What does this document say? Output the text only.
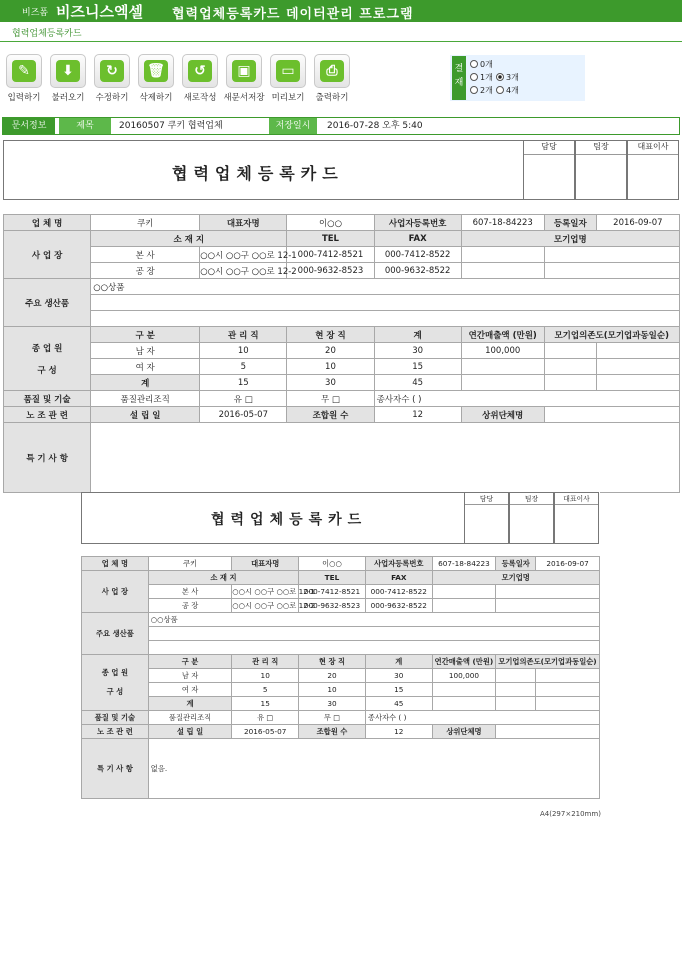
비즈폼 비즈니스엑셀 협력업체등록카드 데이터관리 프로그램
협력업체등록카드
✎
입력하기
⬇
불러오기
↻
수정하기
🗑
삭제하기
↺
새로작성
▣
새문서저장
▭
미리보기
⎙
출력하기
결재
0개
1개	3개
2개	4개
문서정보	제목	20160507 쿠키 협력업체	저장일시	2016-07-28 오후 5:40
협력업체등록카드
담당	팀장	대표이사
업 체 명	쿠키	대표자명	이○○	사업자등록번호	607-18-84223	등록일자	2016-09-07
사 업 장	소 재 지		TEL	FAX	모기업명		
	본 사	○○시 ○○구 ○○로 12-1	000-7412-8521	000-7412-8522			
	공 장	○○시 ○○구 ○○로 12-2	000-9632-8523	000-9632-8522			
주요 생산품	○○상품						

종 업 원
구 성	구 분	관 리 직	현 장 직	계	연간매출액 (만원)	모기업의존도(모기업과동일순)	
	남 자	10	20	30	100,000		
	여 자	5	10	15			
	계	15	30	45			
품질 및 기술	품질관리조직	유 □	무 □	종사자수 ( )			
노 조 관 련	설 립 일	2016-05-07	조합원 수	12	상위단체명		
특 기 사 항							
협력업체등록카드
담당	팀장	대표이사
업 체 명	쿠키	대표자명	이○○	사업자등록번호	607-18-84223	등록일자	2016-09-07
사 업 장	소 재 지		TEL	FAX	모기업명		
	본 사	○○시 ○○구 ○○로 12-1	000-7412-8521	000-7412-8522			
	공 장	○○시 ○○구 ○○로 12-2	000-9632-8523	000-9632-8522			
주요 생산품	○○상품						

종 업 원
구 성	구 분	관 리 직	현 장 직	계	연간매출액 (만원)	모기업의존도(모기업과동일순)	
	남 자	10	20	30	100,000		
	여 자	5	10	15			
	계	15	30	45			
품질 및 기술	품질관리조직	유 □	무 □	종사자수 ( )			
노 조 관 련	설 립 일	2016-05-07	조합원 수	12	상위단체명		
특 기 사 항	없음.						
A4(297×210mm)
